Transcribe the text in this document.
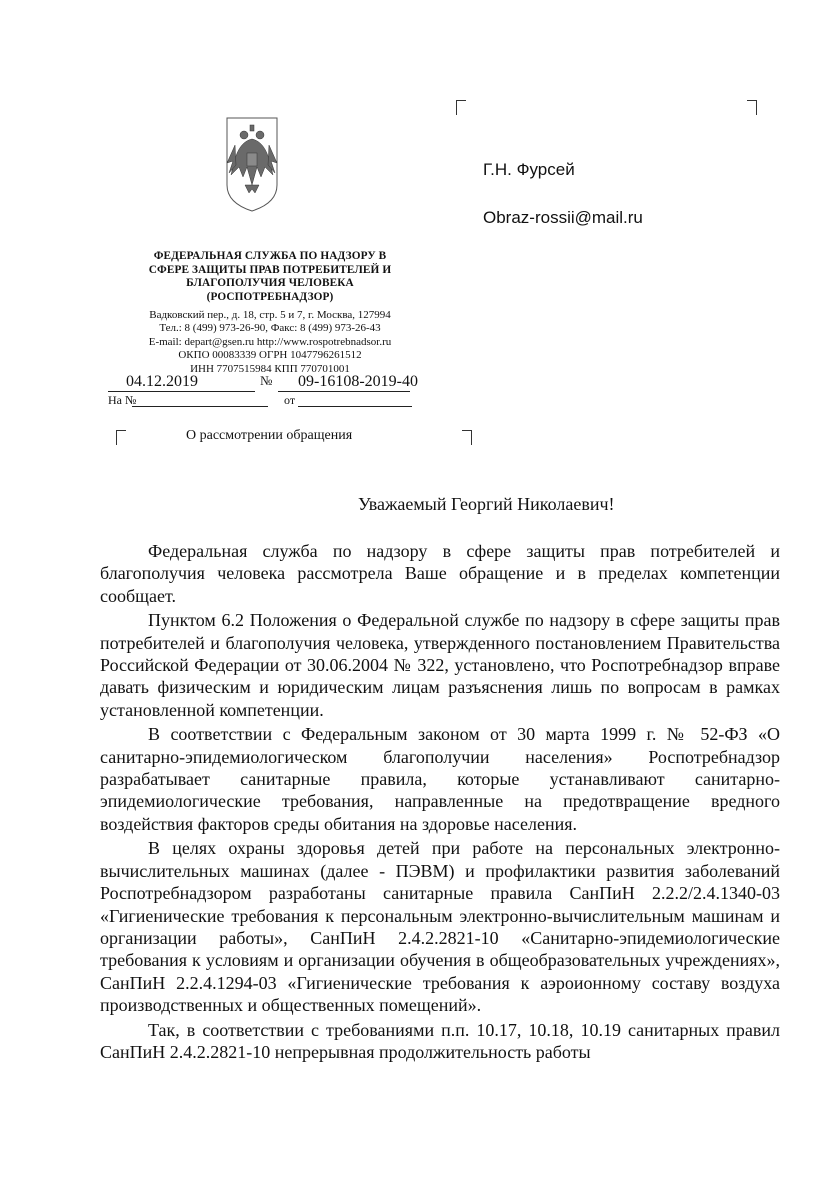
ФЕДЕРАЛЬНАЯ СЛУЖБА ПО НАДЗОРУ В
СФЕРЕ ЗАЩИТЫ ПРАВ ПОТРЕБИТЕЛЕЙ И
БЛАГОПОЛУЧИЯ ЧЕЛОВЕКА
(РОСПОТРЕБНАДЗОР)
Вадковский пер., д. 18, стр. 5 и 7, г. Москва, 127994
Тел.: 8 (499) 973-26-90, Факс: 8 (499) 973-26-43
E-mail: depart@gsen.ru http://www.rospotrebnadsor.ru
ОКПО 00083339 ОГРН 1047796261512
ИНН 7707515984 КПП 770701001
04.12.2019	№ 09-16108-2019-40
На №	от
О рассмотрении обращения
Г.Н. Фурсей
Obraz-rossii@mail.ru
Уважаемый Георгий Николаевич!

Федеральная служба по надзору в сфере защиты прав потребителей и благополучия человека рассмотрела Ваше обращение и в пределах компетенции сообщает.

Пунктом 6.2 Положения о Федеральной службе по надзору в сфере защиты прав потребителей и благополучия человека, утвержденного постановлением Правительства Российской Федерации от 30.06.2004 № 322, установлено, что Роспотребнадзор вправе давать физическим и юридическим лицам разъяснения лишь по вопросам в рамках установленной компетенции.

В соответствии с Федеральным законом от 30 марта 1999 г. № 52-ФЗ «О санитарно-эпидемиологическом благополучии населения» Роспотребнадзор разрабатывает санитарные правила, которые устанавливают санитарно-эпидемиологические требования, направленные на предотвращение вредного воздействия факторов среды обитания на здоровье населения.

В целях охраны здоровья детей при работе на персональных электронно-вычислительных машинах (далее - ПЭВМ) и профилактики развития заболеваний Роспотребнадзором разработаны санитарные правила СанПиН 2.2.2/2.4.1340-03 «Гигиенические требования к персональным электронно-вычислительным машинам и организации работы», СанПиН 2.4.2.2821-10 «Санитарно-эпидемиологические требования к условиям и организации обучения в общеобразовательных учреждениях», СанПиН 2.2.4.1294-03 «Гигиенические требования к аэроионному составу воздуха производственных и общественных помещений».

Так, в соответствии с требованиями п.п. 10.17, 10.18, 10.19 санитарных правил СанПиН 2.4.2.2821-10 непрерывная продолжительность работы
